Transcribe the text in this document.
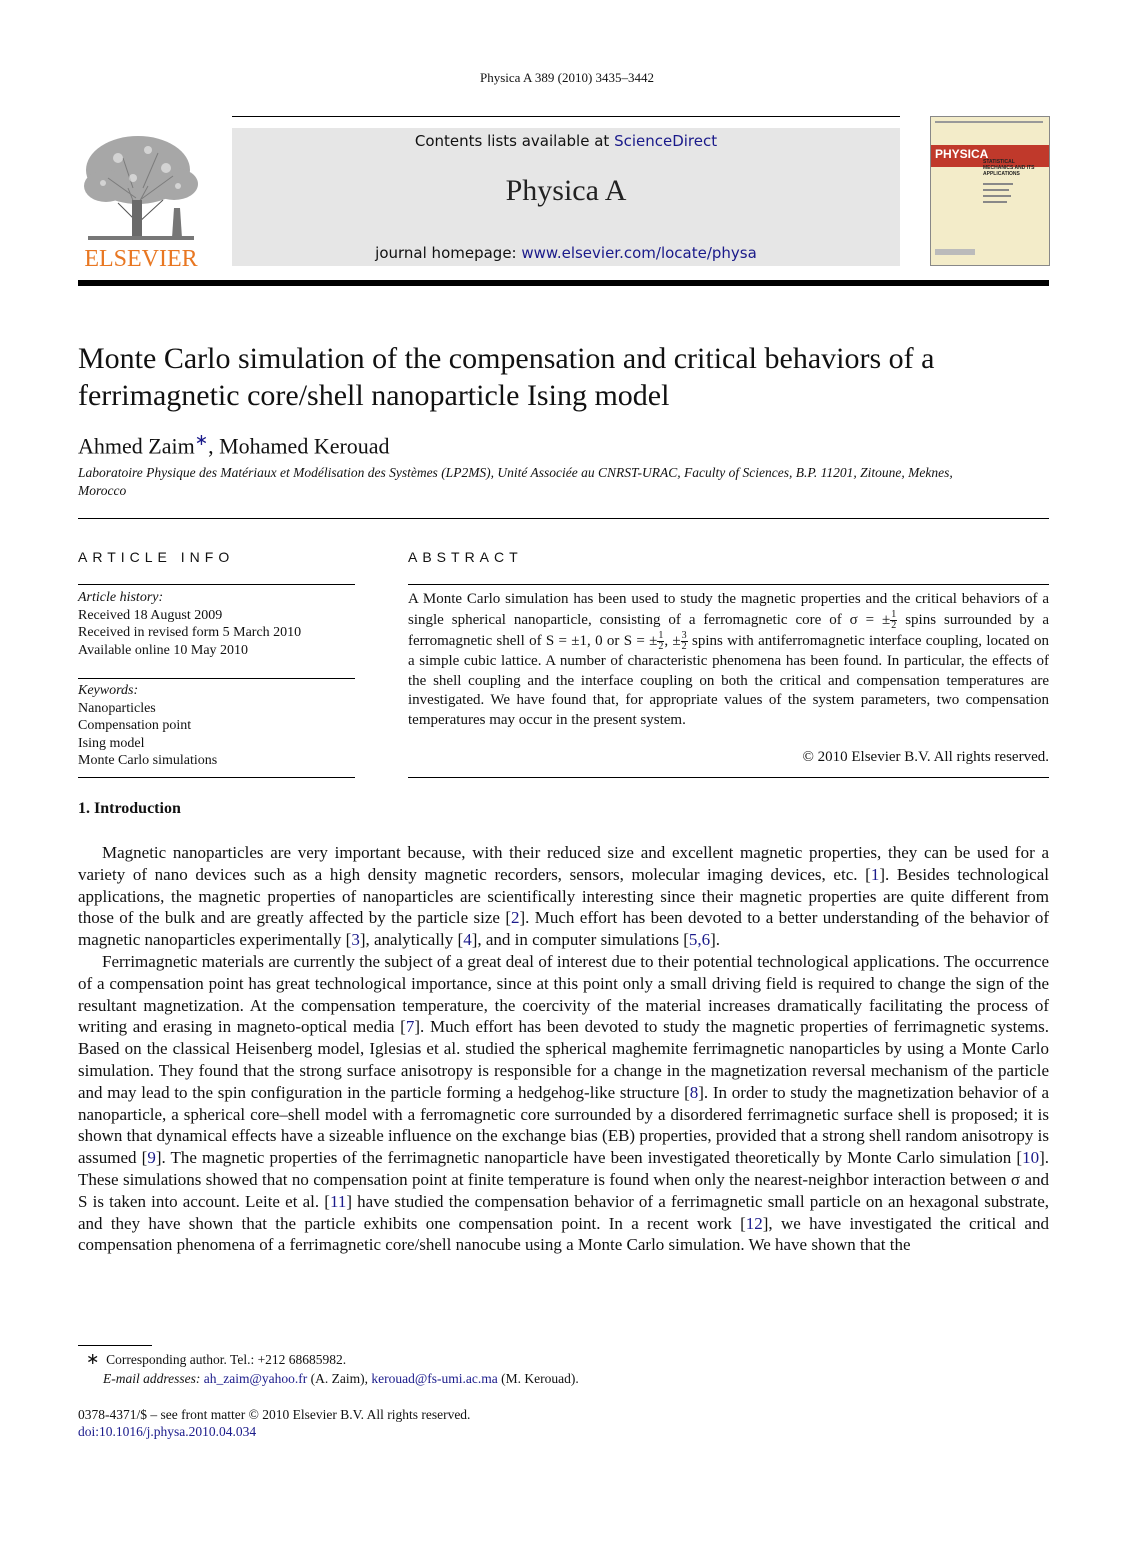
Physica A 389 (2010) 3435–3442
ELSEVIER
Contents lists available at ScienceDirect
Physica A
journal homepage: www.elsevier.com/locate/physa
PHYSICA
STATISTICAL MECHANICS AND ITS APPLICATIONS
Monte Carlo simulation of the compensation and critical behaviors of a ferrimagnetic core/shell nanoparticle Ising model
Ahmed Zaim∗, Mohamed Kerouad
Laboratoire Physique des Matériaux et Modélisation des Systèmes (LP2MS), Unité Associée au CNRST-URAC, Faculty of Sciences, B.P. 11201, Zitoune, Meknes, Morocco
ARTICLE INFO
Article history:
Received 18 August 2009
Received in revised form 5 March 2010
Available online 10 May 2010
Keywords:
Nanoparticles
Compensation point
Ising model
Monte Carlo simulations
ABSTRACT
A Monte Carlo simulation has been used to study the magnetic properties and the critical behaviors of a single spherical nanoparticle, consisting of a ferromagnetic core of σ = ± $\frac{1}{2}$ spins surrounded by a ferromagnetic shell of S = ±1, 0 or S = ± $\frac{1}{2}$ , ± $\frac{3}{2}$ spins with antiferromagnetic interface coupling, located on a simple cubic lattice. A number of characteristic phenomena has been found. In particular, the effects of the shell coupling and the interface coupling on both the critical and compensation temperatures are investigated. We have found that, for appropriate values of the system parameters, two compensation temperatures may occur in the present system.
© 2010 Elsevier B.V. All rights reserved.
1. Introduction

Magnetic nanoparticles are very important because, with their reduced size and excellent magnetic properties, they can be used for a variety of nano devices such as a high density magnetic recorders, sensors, molecular imaging devices, etc. [1]. Besides technological applications, the magnetic properties of nanoparticles are scientifically interesting since their magnetic properties are quite different from those of the bulk and are greatly affected by the particle size [2]. Much effort has been devoted to a better understanding of the behavior of magnetic nanoparticles experimentally [3], analytically [4], and in computer simulations [5,6].

Ferrimagnetic materials are currently the subject of a great deal of interest due to their potential technological applications. The occurrence of a compensation point has great technological importance, since at this point only a small driving field is required to change the sign of the resultant magnetization. At the compensation temperature, the coercivity of the material increases dramatically facilitating the process of writing and erasing in magneto-optical media [7]. Much effort has been devoted to study the magnetic properties of ferrimagnetic systems. Based on the classical Heisenberg model, Iglesias et al. studied the spherical maghemite ferrimagnetic nanoparticles by using a Monte Carlo simulation. They found that the strong surface anisotropy is responsible for a change in the magnetization reversal mechanism of the particle and may lead to the spin configuration in the particle forming a hedgehog-like structure [8]. In order to study the magnetization behavior of a nanoparticle, a spherical core–shell model with a ferromagnetic core surrounded by a disordered ferrimagnetic surface shell is proposed; it is shown that dynamical effects have a sizeable influence on the exchange bias (EB) properties, provided that a strong shell random anisotropy is assumed [9]. The magnetic properties of the ferrimagnetic nanoparticle have been investigated theoretically by Monte Carlo simulation [10]. These simulations showed that no compensation point at finite temperature is found when only the nearest-neighbor interaction between σ and S is taken into account. Leite et al. [11] have studied the compensation behavior of a ferrimagnetic small particle on an hexagonal substrate, and they have shown that the particle exhibits one compensation point. In a recent work [12], we have investigated the critical and compensation phenomena of a ferrimagnetic core/shell nanocube using a Monte Carlo simulation. We have shown that the

∗ Corresponding author. Tel.: +212 68685982.
E-mail addresses: ah_zaim@yahoo.fr (A. Zaim), kerouad@fs-umi.ac.ma (M. Kerouad).
0378-4371/$ – see front matter © 2010 Elsevier B.V. All rights reserved.
doi:10.1016/j.physa.2010.04.034
